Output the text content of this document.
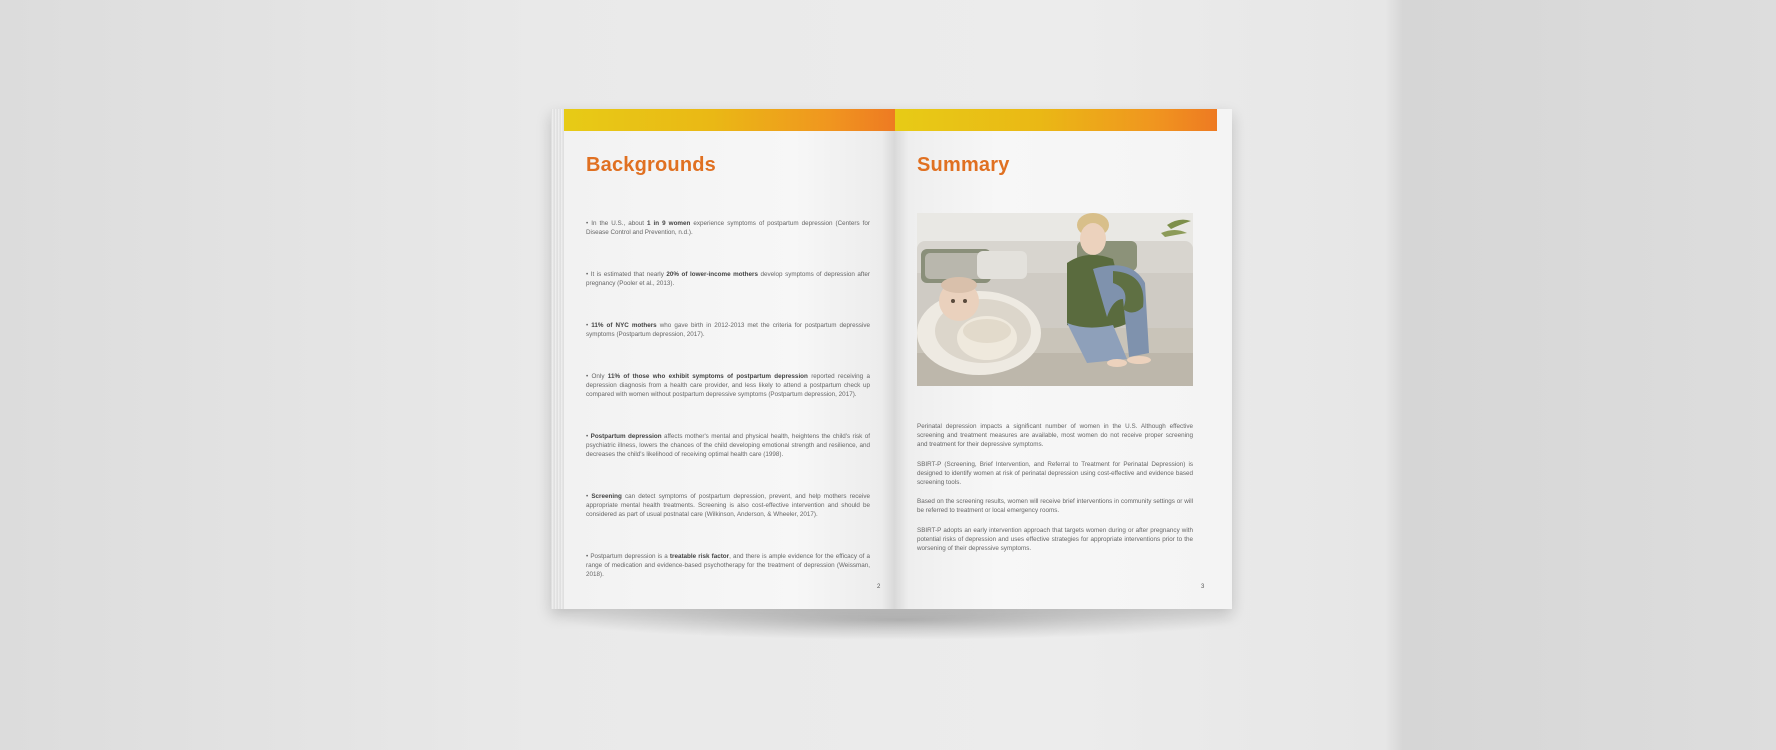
Backgrounds
• In the U.S., about 1 in 9 women experience symptoms of postpartum depression (Centers for Disease Control and Prevention, n.d.).
• It is estimated that nearly 20% of lower-income mothers develop symptoms of depression after pregnancy (Pooler et al., 2013).
• 11% of NYC mothers who gave birth in 2012-2013 met the criteria for postpartum depressive symptoms (Postpartum depression, 2017).
• Only 11% of those who exhibit symptoms of postpartum depression reported receiving a depression diagnosis from a health care provider, and less likely to attend a postpartum check up compared with women without postpartum depressive symptoms (Postpartum depression, 2017).
• Postpartum depression affects mother's mental and physical health, heightens the child's risk of psychiatric illness, lowers the chances of the child developing emotional strength and resilience, and decreases the child's likelihood of receiving optimal health care (1998).
• Screening can detect symptoms of postpartum depression, prevent, and help mothers receive appropriate mental health treatments. Screening is also cost-effective intervention and should be considered as part of usual postnatal care (Wilkinson, Anderson, & Wheeler, 2017).
• Postpartum depression is a treatable risk factor, and there is ample evidence for the efficacy of a range of medication and evidence-based psychotherapy for the treatment of depression (Weissman, 2018).
2
Summary
Perinatal depression impacts a significant number of women in the U.S. Although effective screening and treatment measures are available, most women do not receive proper screening and treatment for their depressive symptoms.
SBIRT-P (Screening, Brief Intervention, and Referral to Treatment for Perinatal Depression) is designed to identify women at risk of perinatal depression using cost-effective and evidence based screening tools.
Based on the screening results, women will receive brief interventions in community settings or will be referred to treatment or local emergency rooms.
SBIRT-P adopts an early intervention approach that targets women during or after pregnancy with potential risks of depression and uses effective strategies for appropriate interventions prior to the worsening of their depressive symptoms.
3
